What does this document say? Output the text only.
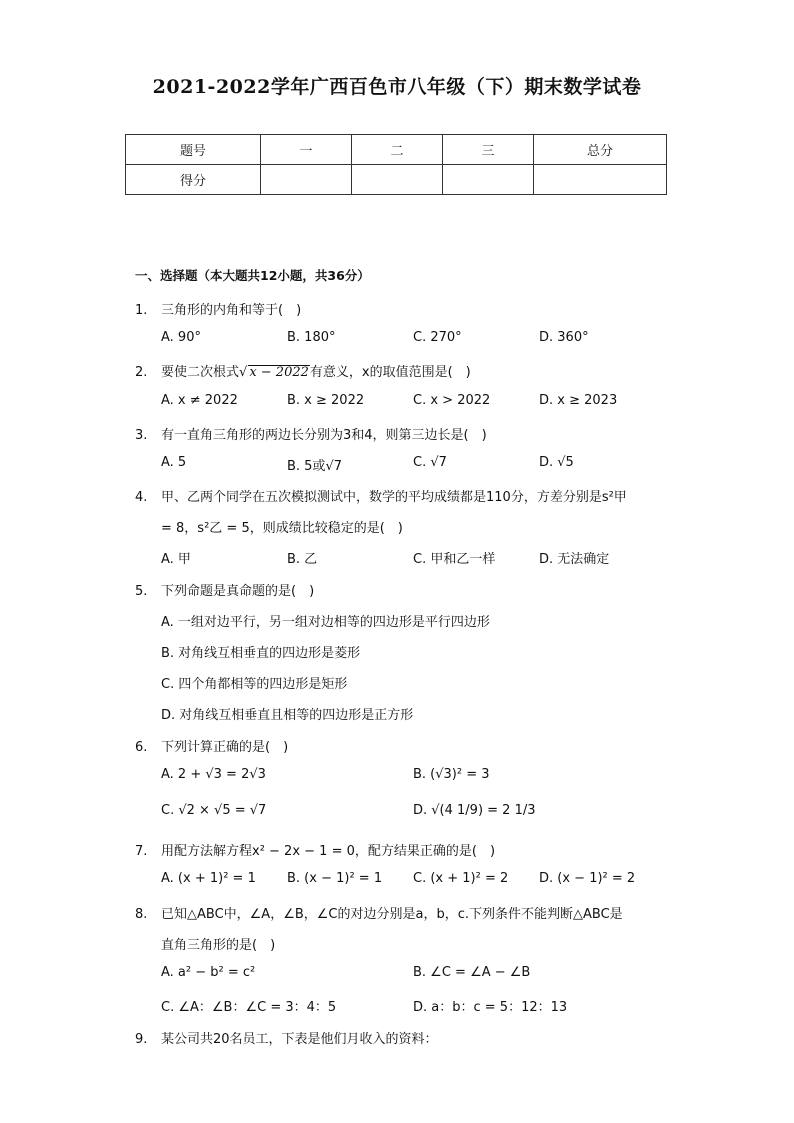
2021-2022学年广西百色市八年级（下）期末数学试卷
题号	一	二	三	总分
得分				
一、选择题（本大题共12小题，共36分）
1. 三角形的内角和等于(　)
A. 90°	B. 180°	C. 270°	D. 360°
2. 要使二次根式√ x − 2022有意义，x的取值范围是(　)
A. x ≠ 2022	B. x ≥ 2022	C. x > 2022	D. x ≥ 2023
3. 有一直角三角形的两边长分别为3和4，则第三边长是(　)
A. 5	B. 5或√7	C. √7	D. √5
4. 甲、乙两个同学在五次模拟测试中，数学的平均成绩都是110分，方差分别是s²甲
= 8，s²乙 = 5，则成绩比较稳定的是(　)
A. 甲	B. 乙	C. 甲和乙一样	D. 无法确定
5. 下列命题是真命题的是(　)
A. 一组对边平行，另一组对边相等的四边形是平行四边形
B. 对角线互相垂直的四边形是菱形
C. 四个角都相等的四边形是矩形
D. 对角线互相垂直且相等的四边形是正方形
6. 下列计算正确的是(　)
A. 2 + √3 = 2√3	B. (√3)² = 3
C. √2 × √5 = √7	D. √(4 1/9) = 2 1/3
7. 用配方法解方程x² − 2x − 1 = 0，配方结果正确的是(　)
A. (x + 1)² = 1 B. (x − 1)² = 1 C. (x + 1)² = 2 D. (x − 1)² = 2
8. 已知△ABC中，∠A，∠B，∠C的对边分别是a，b，c.下列条件不能判断△ABC是
直角三角形的是(　)
A. a² − b² = c²	B. ∠C = ∠A − ∠B
C. ∠A：∠B：∠C = 3：4：5	D. a：b：c = 5：12：13
9. 某公司共20名员工，下表是他们月收入的资料：
